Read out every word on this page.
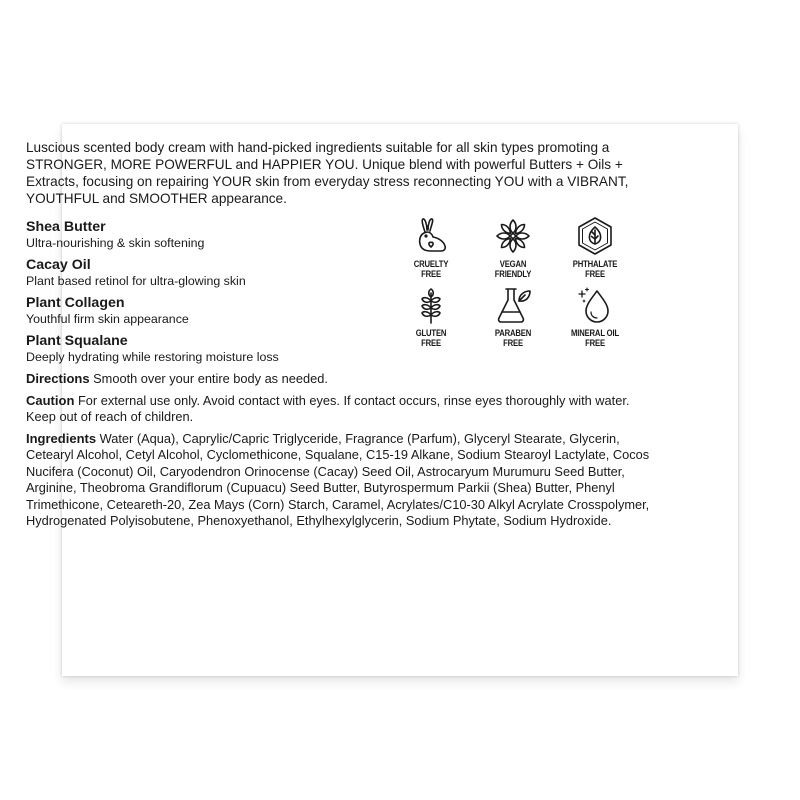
Luscious scented body cream with hand-picked ingredients suitable for all skin types promoting a STRONGER, MORE POWERFUL and HAPPIER YOU. Unique blend with powerful Butters + Oils + Extracts, focusing on repairing YOUR skin from everyday stress reconnecting YOU with a VIBRANT, YOUTHFUL and SMOOTHER appearance.

Shea Butter
Ultra-nourishing & skin softening
Cacay Oil
Plant based retinol for ultra-glowing skin
Plant Collagen
Youthful firm skin appearance
Plant Squalane
Deeply hydrating while restoring moisture loss
CRUELTY
FREE
VEGAN
FRIENDLY
PHTHALATE
FREE
GLUTEN
FREE
PARABEN
FREE
MINERAL OIL
FREE

Directions Smooth over your entire body as needed.

Caution For external use only. Avoid contact with eyes. If contact occurs, rinse eyes thoroughly with water. Keep out of reach of children.

Ingredients Water (Aqua), Caprylic/Capric Triglyceride, Fragrance (Parfum), Glyceryl Stearate, Glycerin, Cetearyl Alcohol, Cetyl Alcohol, Cyclomethicone, Squalane, C15-19 Alkane, Sodium Stearoyl Lactylate, Cocos Nucifera (Coconut) Oil, Caryodendron Orinocense (Cacay) Seed Oil, Astrocaryum Murumuru Seed Butter, Arginine, Theobroma Grandiflorum (Cupuacu) Seed Butter, Butyrospermum Parkii (Shea) Butter, Phenyl Trimethicone, Ceteareth-20, Zea Mays (Corn) Starch, Caramel, Acrylates/C10-30 Alkyl Acrylate Crosspolymer, Hydrogenated Polyisobutene, Phenoxyethanol, Ethylhexylglycerin, Sodium Phytate, Sodium Hydroxide.
